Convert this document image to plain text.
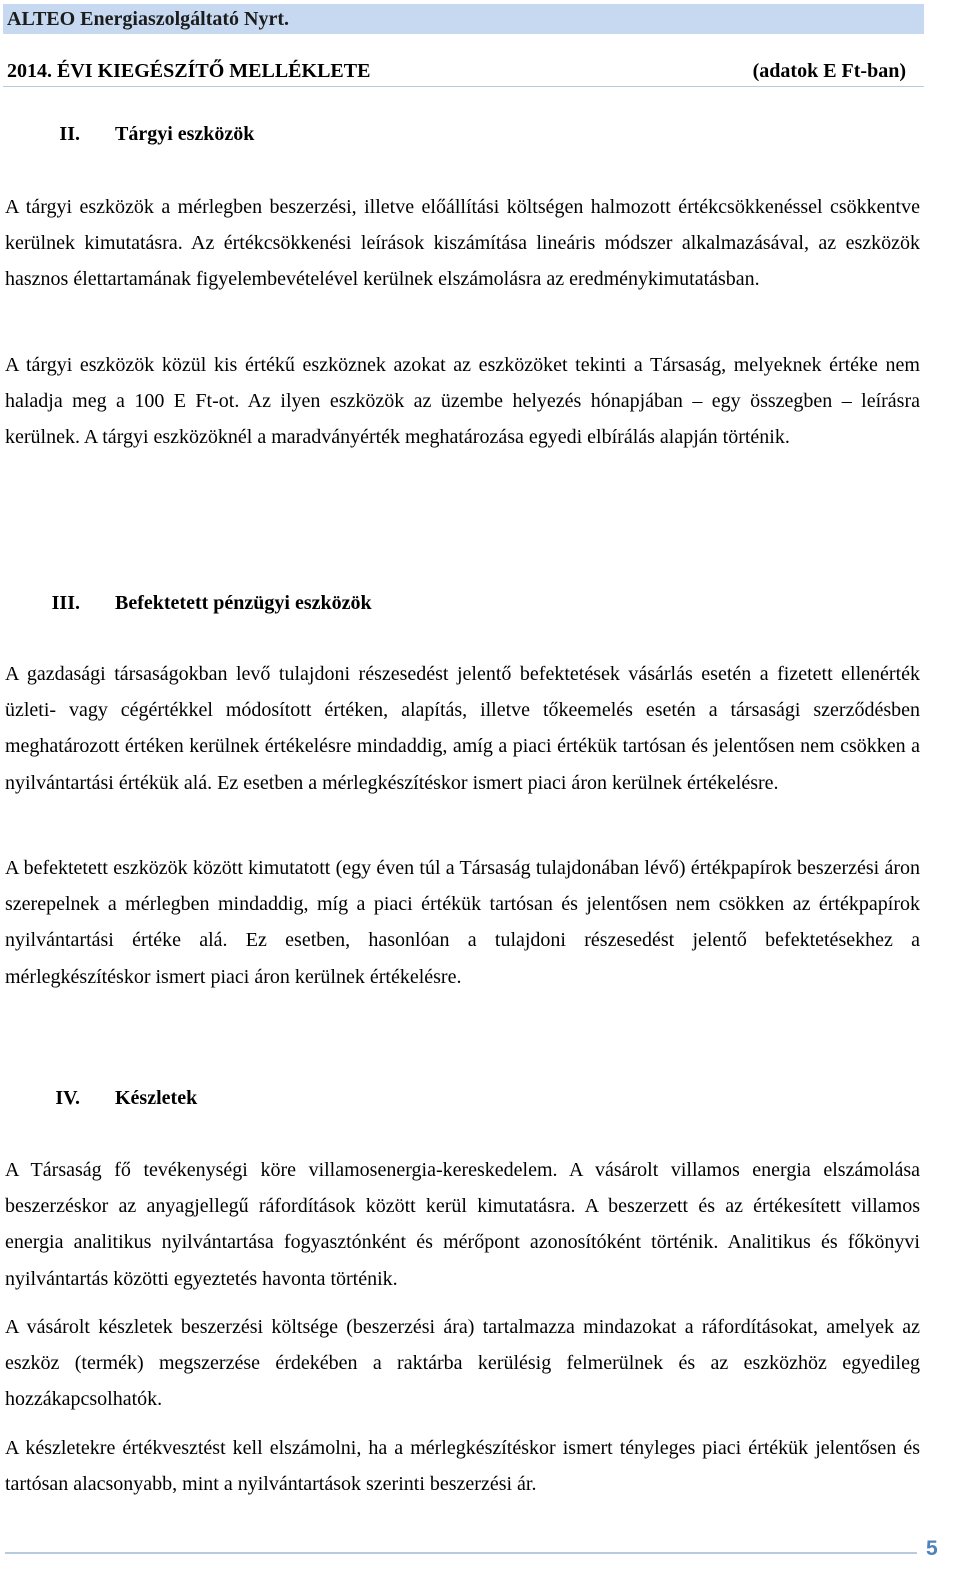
ALTEO Energiaszolgáltató Nyrt.
2014. ÉVI KIEGÉSZÍTŐ MELLÉKLETE	(adatok E Ft-ban)
II. Tárgyi eszközök

A tárgyi eszközök a mérlegben beszerzési, illetve előállítási költségen halmozott értékcsökkenéssel csökkentve kerülnek kimutatásra. Az értékcsökkenési leírások kiszámítása lineáris módszer alkalmazásával, az eszközök hasznos élettartamának figyelembevételével kerülnek elszámolásra az eredménykimutatásban.

A tárgyi eszközök közül kis értékű eszköznek azokat az eszközöket tekinti a Társaság, melyeknek értéke nem haladja meg a 100 E Ft-ot. Az ilyen eszközök az üzembe helyezés hónapjában – egy összegben – leírásra kerülnek. A tárgyi eszközöknél a maradványérték meghatározása egyedi elbírálás alapján történik.

III. Befektetett pénzügyi eszközök

A gazdasági társaságokban levő tulajdoni részesedést jelentő befektetések vásárlás esetén a fizetett ellenérték üzleti- vagy cégértékkel módosított értéken, alapítás, illetve tőkeemelés esetén a társasági szerződésben meghatározott értéken kerülnek értékelésre mindaddig, amíg a piaci értékük tartósan és jelentősen nem csökken a nyilvántartási értékük alá. Ez esetben a mérlegkészítéskor ismert piaci áron kerülnek értékelésre.

A befektetett eszközök között kimutatott (egy éven túl a Társaság tulajdonában lévő) értékpapírok beszerzési áron szerepelnek a mérlegben mindaddig, míg a piaci értékük tartósan és jelentősen nem csökken az értékpapírok nyilvántartási értéke alá. Ez esetben, hasonlóan a tulajdoni részesedést jelentő befektetésekhez a mérlegkészítéskor ismert piaci áron kerülnek értékelésre.

IV. Készletek

A Társaság fő tevékenységi köre villamosenergia-kereskedelem. A vásárolt villamos energia elszámolása beszerzéskor az anyagjellegű ráfordítások között kerül kimutatásra. A beszerzett és az értékesített villamos energia analitikus nyilvántartása fogyasztónként és mérőpont azonosítóként történik. Analitikus és főkönyvi nyilvántartás közötti egyeztetés havonta történik.

A vásárolt készletek beszerzési költsége (beszerzési ára) tartalmazza mindazokat a ráfordításokat, amelyek az eszköz (termék) megszerzése érdekében a raktárba kerülésig felmerülnek és az eszközhöz egyedileg hozzákapcsolhatók.

A készletekre értékvesztést kell elszámolni, ha a mérlegkészítéskor ismert tényleges piaci értékük jelentősen és tartósan alacsonyabb, mint a nyilvántartások szerinti beszerzési ár.

5
